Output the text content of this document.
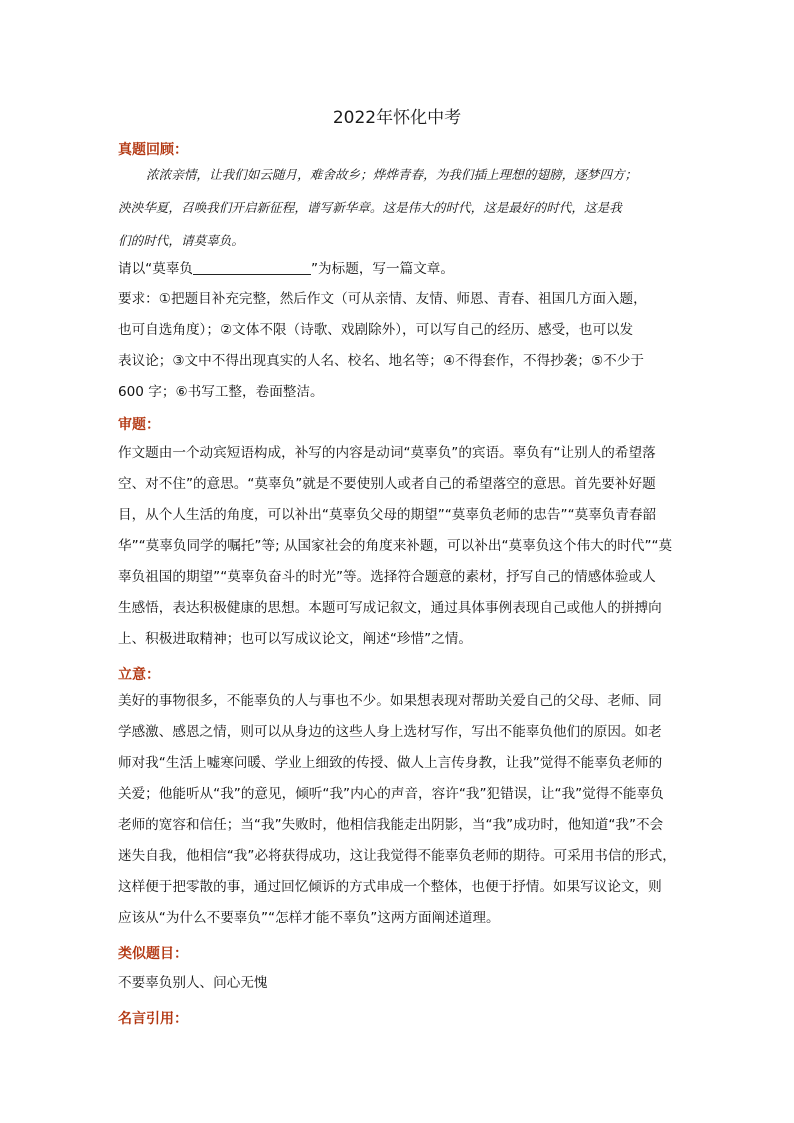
2022年怀化中考
真题回顾：
浓浓亲情，让我们如云随月，难舍故乡；烨烨青春，为我们插上理想的翅膀，逐梦四方；
泱泱华夏，召唤我们开启新征程，谱写新华章。这是伟大的时代，这是最好的时代，这是我
们的时代，请莫辜负。
请以“莫辜负	”为标题，写一篇文章。
要求：①把题目补充完整，然后作文（可从亲情、友情、师恩、青春、祖国几方面入题，
也可自选角度）；②文体不限（诗歌、戏剧除外），可以写自己的经历、感受，也可以发
表议论；③文中不得出现真实的人名、校名、地名等；④不得套作，不得抄袭；⑤不少于
600 字；⑥书写工整，卷面整洁。
审题：
作文题由一个动宾短语构成，补写的内容是动词“莫辜负”的宾语。辜负有“让别人的希望落
空、对不住”的意思。“莫辜负”就是不要使别人或者自己的希望落空的意思。首先要补好题
目，从个人生活的角度，可以补出“莫辜负父母的期望”“莫辜负老师的忠告”“莫辜负青春韶
华”“莫辜负同学的嘱托”等; 从国家社会的角度来补题，可以补出“莫辜负这个伟大的时代”“莫
辜负祖国的期望”“莫辜负奋斗的时光”等。选择符合题意的素材，抒写自己的情感体验或人
生感悟，表达积极健康的思想。本题可写成记叙文，通过具体事例表现自己或他人的拼搏向
上、积极进取精神；也可以写成议论文，阐述“珍惜”之情。
立意：
美好的事物很多，不能辜负的人与事也不少。如果想表现对帮助关爱自己的父母、老师、同
学感激、感恩之情，则可以从身边的这些人身上选材写作，写出不能辜负他们的原因。如老
师对我“生活上嘘寒问暖、学业上细致的传授、做人上言传身教，让我”觉得不能辜负老师的
关爱；他能听从“我”的意见，倾听“我”内心的声音，容许“我”犯错误，让“我”觉得不能辜负
老师的宽容和信任；当“我”失败时，他相信我能走出阴影，当“我”成功时，他知道“我”不会
迷失自我，他相信“我”必将获得成功，这让我觉得不能辜负老师的期待。可采用书信的形式，
这样便于把零散的事，通过回忆倾诉的方式串成一个整体，也便于抒情。如果写议论文，则
应该从“为什么不要辜负”“怎样才能不辜负”这两方面阐述道理。
类似题目：
不要辜负别人、问心无愧
名言引用：
